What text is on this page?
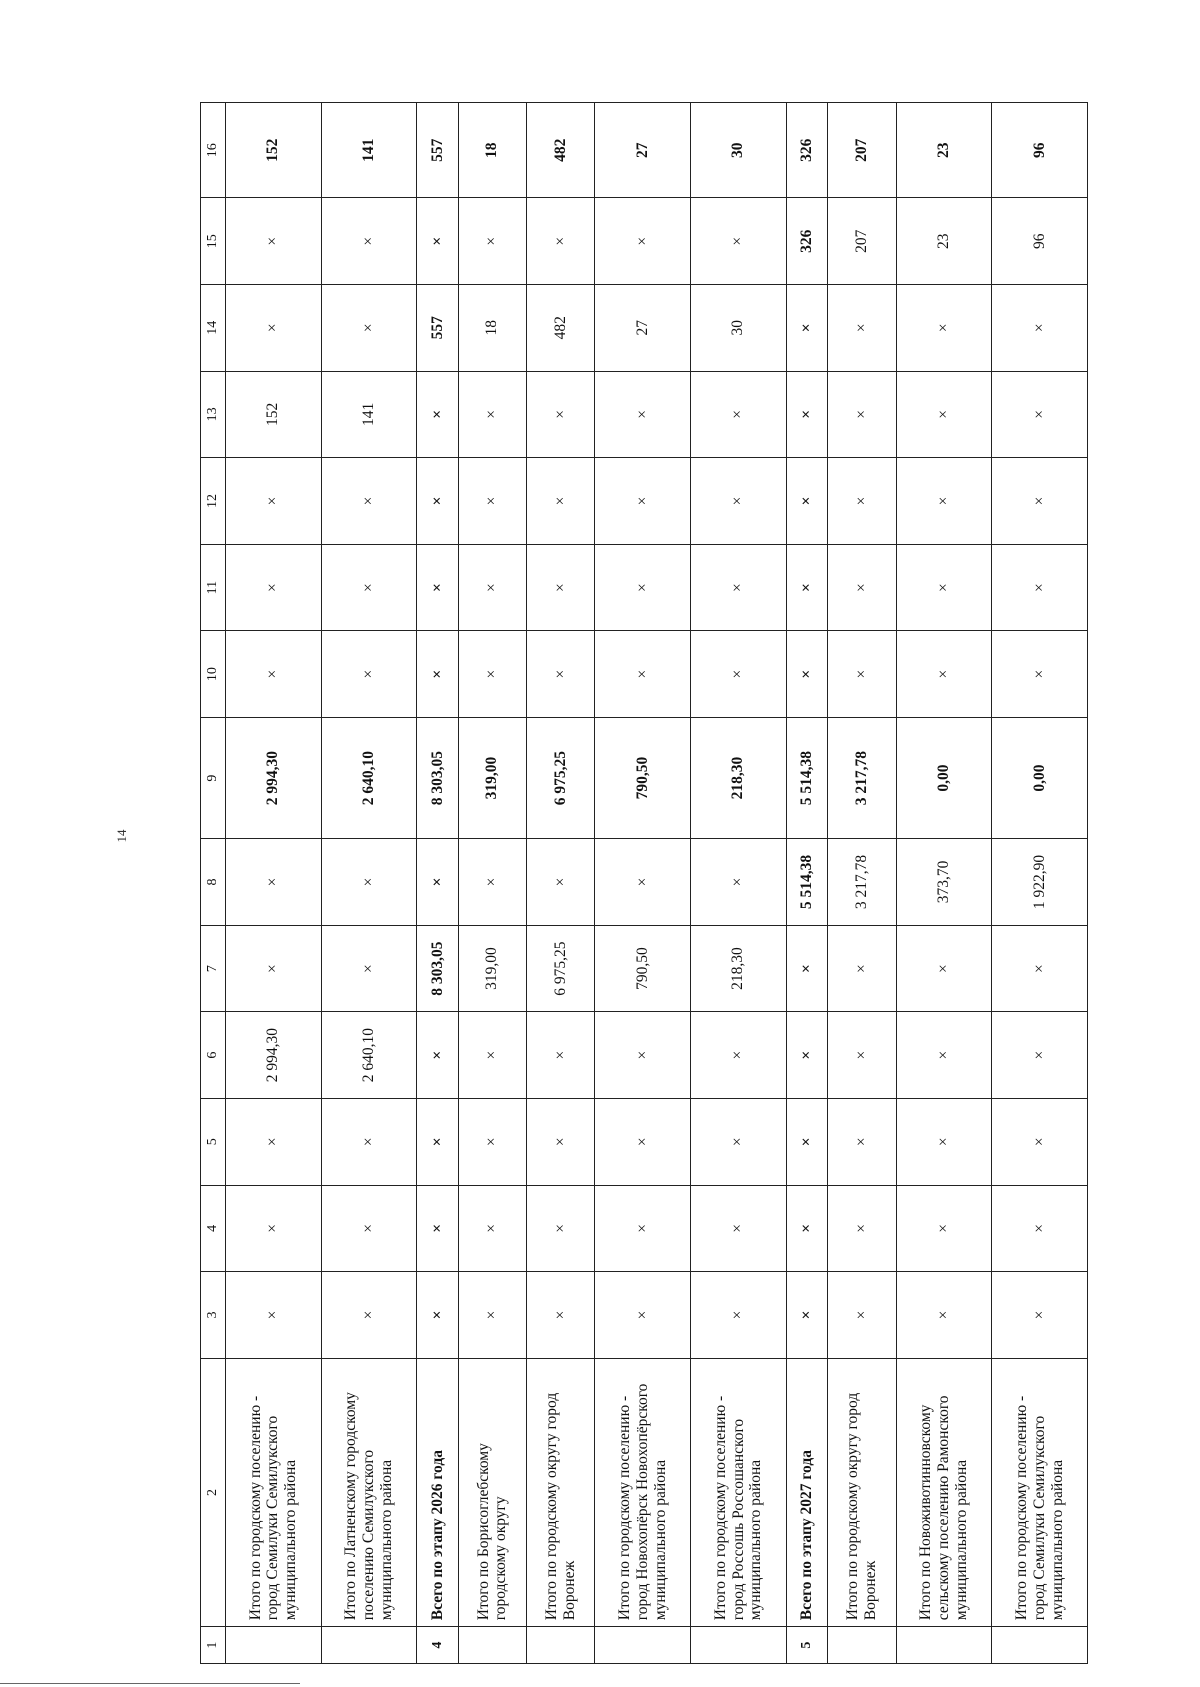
14
1	2	3	4	5	6	7	8	9	10	11	12	13	14	15	16
	Итого по городскому поселению - город Семилуки Семилукского муниципального района	×	×	×	2 994,30	×	×	2 994,30	×	×	×	152	×	×	152
	Итого по Латненскому городскому поселению Семилукского муниципального района	×	×	×	2 640,10	×	×	2 640,10	×	×	×	141	×	×	141
4	Всего по этапу 2026 года	×	×	×	×	8 303,05	×	8 303,05	×	×	×	×	557	×	557
	Итого по Борисоглебскому городскому округу	×	×	×	×	319,00	×	319,00	×	×	×	×	18	×	18
	Итого по городскому округу город Воронеж	×	×	×	×	6 975,25	×	6 975,25	×	×	×	×	482	×	482
	Итого по городскому поселению - город Новохопёрск Новохопёрского муниципального района	×	×	×	×	790,50	×	790,50	×	×	×	×	27	×	27
	Итого по городскому поселению - город Россошь Россошанского муниципального района	×	×	×	×	218,30	×	218,30	×	×	×	×	30	×	30
5	Всего по этапу 2027 года	×	×	×	×	×	5 514,38	5 514,38	×	×	×	×	×	326	326
	Итого по городскому округу город Воронеж	×	×	×	×	×	3 217,78	3 217,78	×	×	×	×	×	207	207
	Итого по Новоживотинновскому сельскому поселению Рамонского муниципального района	×	×	×	×	×	373,70	0,00	×	×	×	×	×	23	23
	Итого по городскому поселению - город Семилуки Семилукского муниципального района	×	×	×	×	×	1 922,90	0,00	×	×	×	×	×	96	96
